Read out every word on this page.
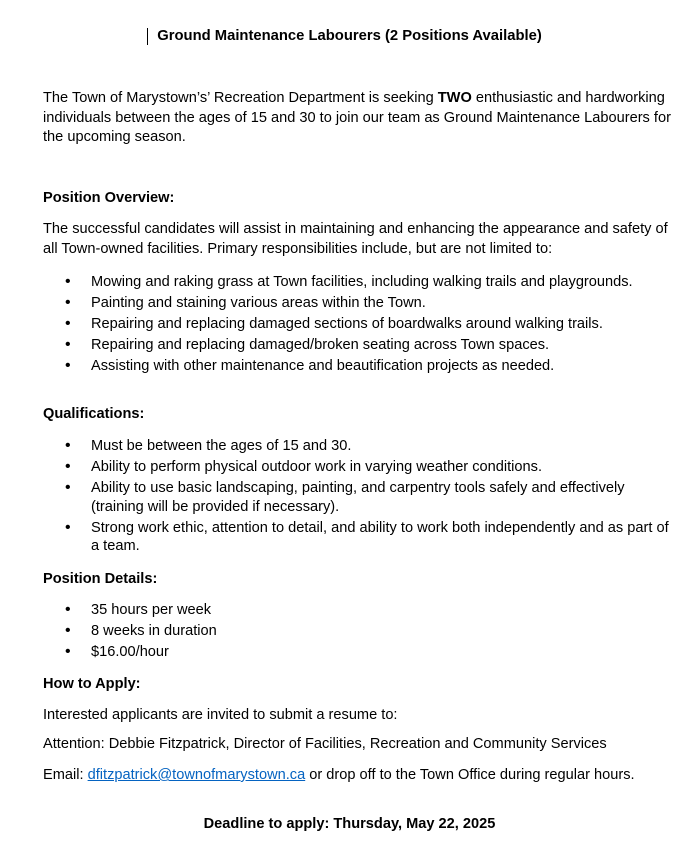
Ground Maintenance Labourers (2 Positions Available)

The Town of Marystown’s’ Recreation Department is seeking TWO enthusiastic and hardworking individuals between the ages of 15 and 30 to join our team as Ground Maintenance Labourers for the upcoming season.

Position Overview:

The successful candidates will assist in maintaining and enhancing the appearance and safety of all Town-owned facilities. Primary responsibilities include, but are not limited to:

• Mowing and raking grass at Town facilities, including walking trails and playgrounds.
• Painting and staining various areas within the Town.
• Repairing and replacing damaged sections of boardwalks around walking trails.
• Repairing and replacing damaged/broken seating across Town spaces.
• Assisting with other maintenance and beautification projects as needed.

Qualifications:

• Must be between the ages of 15 and 30.
• Ability to perform physical outdoor work in varying weather conditions.
• Ability to use basic landscaping, painting, and carpentry tools safely and effectively (training will be provided if necessary).
• Strong work ethic, attention to detail, and ability to work both independently and as part of a team.

Position Details:

• 35 hours per week
• 8 weeks in duration
• $16.00/hour

How to Apply:

Interested applicants are invited to submit a resume to:

Attention: Debbie Fitzpatrick, Director of Facilities, Recreation and Community Services

Email: dfitzpatrick@townofmarystown.ca or drop off to the Town Office during regular hours.

Deadline to apply: Thursday, May 22, 2025
